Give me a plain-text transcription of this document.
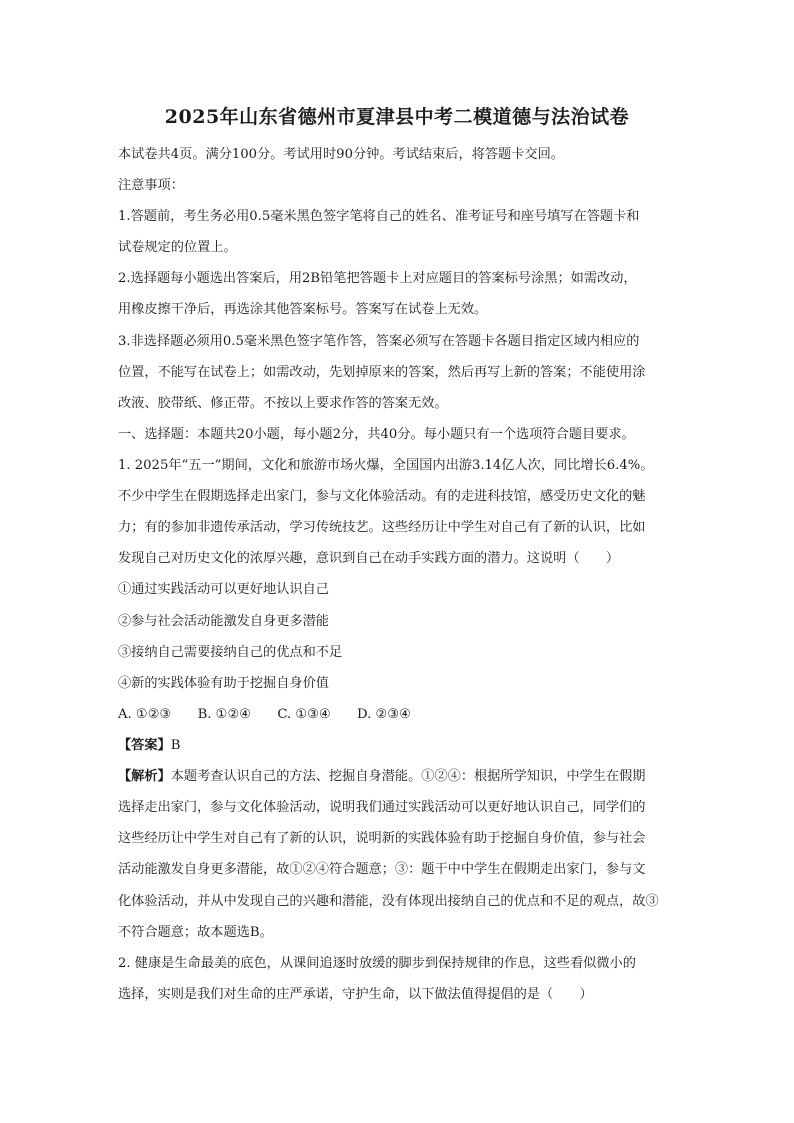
2025年山东省德州市夏津县中考二模道德与法治试卷
本试卷共4页。满分100分。考试用时90分钟。考试结束后，将答题卡交回。
注意事项：
1.答题前，考生务必用0.5毫米黑色签字笔将自己的姓名、准考证号和座号填写在答题卡和
试卷规定的位置上。
2.选择题每小题选出答案后，用2B铅笔把答题卡上对应题目的答案标号涂黑；如需改动，
用橡皮擦干净后，再选涂其他答案标号。答案写在试卷上无效。
3.非选择题必须用0.5毫米黑色签字笔作答，答案必须写在答题卡各题目指定区域内相应的
位置，不能写在试卷上；如需改动，先划掉原来的答案，然后再写上新的答案；不能使用涂
改液、胶带纸、修正带。不按以上要求作答的答案无效。
一、选择题：本题共20小题，每小题2分，共40分。每小题只有一个选项符合题目要求。
1. 2025年“五一”期间，文化和旅游市场火爆，全国国内出游3.14亿人次，同比增长6.4%。
不少中学生在假期选择走出家门，参与文化体验活动。有的走进科技馆，感受历史文化的魅
力；有的参加非遗传承活动，学习传统技艺。这些经历让中学生对自己有了新的认识，比如
发现自己对历史文化的浓厚兴趣，意识到自己在动手实践方面的潜力。这说明（　　）
①通过实践活动可以更好地认识自己
②参与社会活动能激发自身更多潜能
③接纳自己需要接纳自己的优点和不足
④新的实践体验有助于挖掘自身价值
A. ①②③ B. ①②④ C. ①③④ D. ②③④
【答案】B
【解析】本题考查认识自己的方法、挖掘自身潜能。①②④：根据所学知识，中学生在假期
选择走出家门，参与文化体验活动，说明我们通过实践活动可以更好地认识自己，同学们的
这些经历让中学生对自己有了新的认识，说明新的实践体验有助于挖掘自身价值，参与社会
活动能激发自身更多潜能，故①②④符合题意；③：题干中中学生在假期走出家门，参与文
化体验活动，并从中发现自己的兴趣和潜能，没有体现出接纳自己的优点和不足的观点，故③
不符合题意；故本题选B。
2. 健康是生命最美的底色，从课间追逐时放缓的脚步到保持规律的作息，这些看似微小的
选择，实则是我们对生命的庄严承诺，守护生命，以下做法值得提倡的是（　　）
